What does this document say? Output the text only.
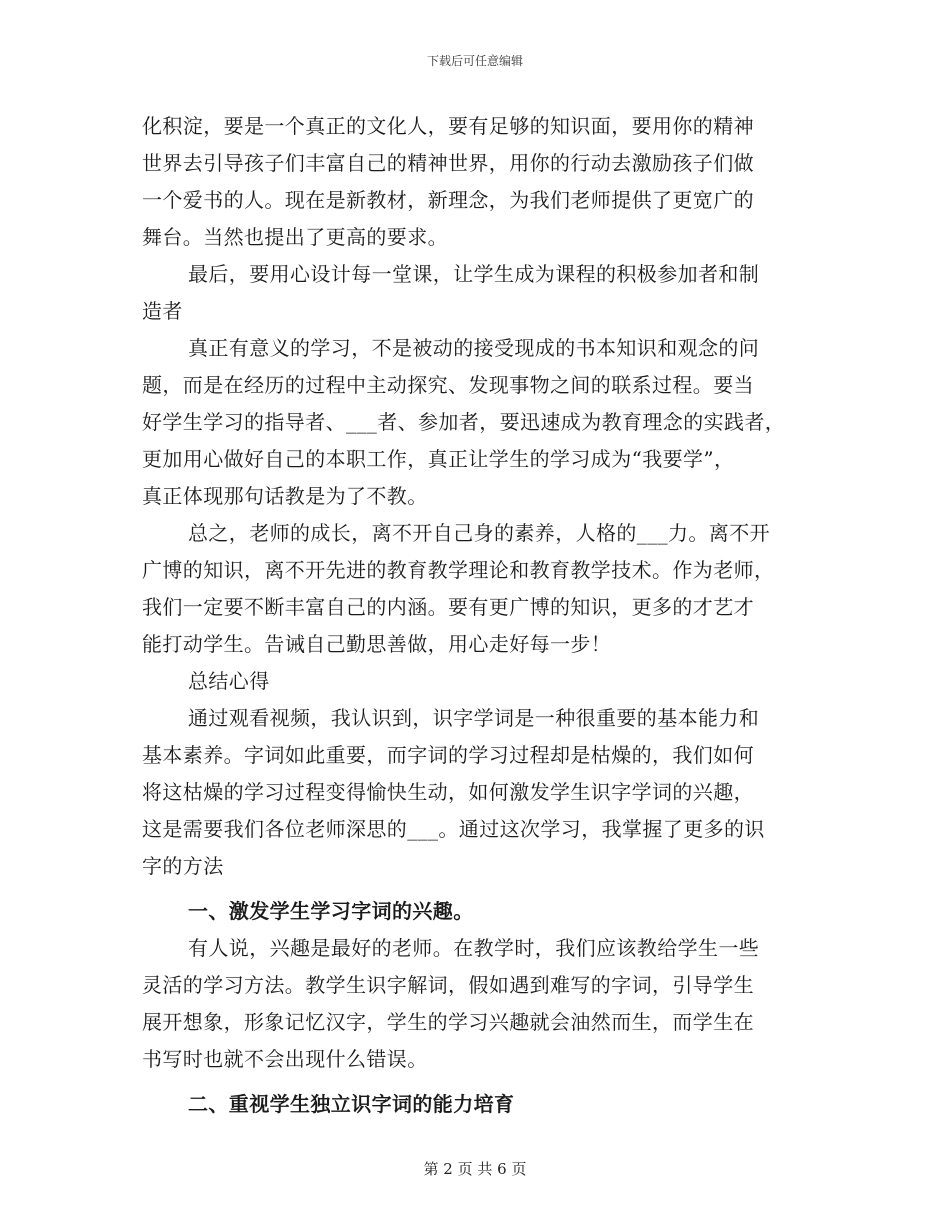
下载后可任意编辑
化积淀，要是一个真正的文化人，要有足够的知识面，要用你的精神
世界去引导孩子们丰富自己的精神世界，用你的行动去激励孩子们做
一个爱书的人。现在是新教材，新理念，为我们老师提供了更宽广的
舞台。当然也提出了更高的要求。
最后，要用心设计每一堂课，让学生成为课程的积极参加者和制
造者
真正有意义的学习，不是被动的接受现成的书本知识和观念的问
题，而是在经历的过程中主动探究、发现事物之间的联系过程。要当
好学生学习的指导者、___者、参加者，要迅速成为教育理念的实践者，
更加用心做好自己的本职工作，真正让学生的学习成为“我要学”，
真正体现那句话教是为了不教。
总之，老师的成长，离不开自己身的素养，人格的___力。离不开
广博的知识，离不开先进的教育教学理论和教育教学技术。作为老师，
我们一定要不断丰富自己的内涵。要有更广博的知识，更多的才艺才
能打动学生。告诫自己勤思善做，用心走好每一步！
总结心得
通过观看视频，我认识到，识字学词是一种很重要的基本能力和
基本素养。字词如此重要，而字词的学习过程却是枯燥的，我们如何
将这枯燥的学习过程变得愉快生动，如何激发学生识字学词的兴趣，
这是需要我们各位老师深思的___。通过这次学习，我掌握了更多的识
字的方法
一、激发学生学习字词的兴趣。
有人说，兴趣是最好的老师。在教学时，我们应该教给学生一些
灵活的学习方法。教学生识字解词，假如遇到难写的字词，引导学生
展开想象，形象记忆汉字，学生的学习兴趣就会油然而生，而学生在
书写时也就不会出现什么错误。
二、重视学生独立识字词的能力培育
第 2 页 共 6 页
